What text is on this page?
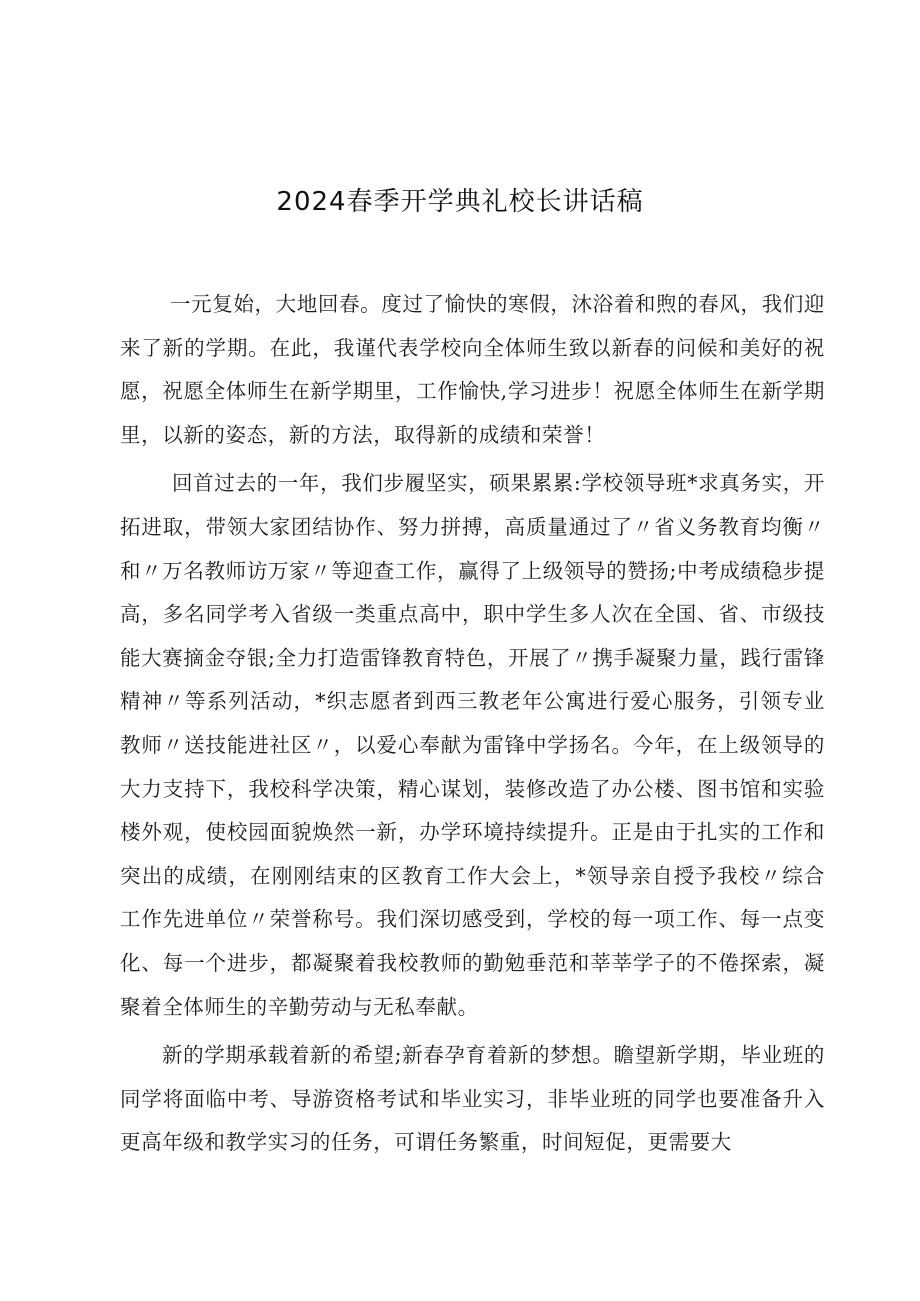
2024春季开学典礼校长讲话稿

一元复始，大地回春。度过了愉快的寒假，沐浴着和煦的春风，我们迎来了新的学期。在此，我谨代表学校向全体师生致以新春的问候和美好的祝愿，祝愿全体师生在新学期里，工作愉快,学习进步！祝愿全体师生在新学期里，以新的姿态，新的方法，取得新的成绩和荣誉！

回首过去的一年，我们步履坚实，硕果累累:学校领导班*求真务实，开拓进取，带领大家团结协作、努力拼搏，高质量通过了〃省义务教育均衡〃和〃万名教师访万家〃等迎查工作，赢得了上级领导的赞扬;中考成绩稳步提高，多名同学考入省级一类重点高中，职中学生多人次在全国、省、市级技能大赛摘金夺银;全力打造雷锋教育特色，开展了〃携手凝聚力量，践行雷锋精神〃等系列活动，*织志愿者到西三教老年公寓进行爱心服务，引领专业教师〃送技能进社区〃，以爱心奉献为雷锋中学扬名。今年，在上级领导的大力支持下，我校科学决策，精心谋划，装修改造了办公楼、图书馆和实验楼外观，使校园面貌焕然一新，办学环境持续提升。正是由于扎实的工作和突出的成绩，在刚刚结束的区教育工作大会上，*领导亲自授予我校〃综合工作先进单位〃荣誉称号。我们深切感受到，学校的每一项工作、每一点变化、每一个进步，都凝聚着我校教师的勤勉垂范和莘莘学子的不倦探索，凝聚着全体师生的辛勤劳动与无私奉献。

新的学期承载着新的希望;新春孕育着新的梦想。瞻望新学期，毕业班的同学将面临中考、导游资格考试和毕业实习，非毕业班的同学也要准备升入更高年级和教学实习的任务，可谓任务繁重，时间短促，更需要大
